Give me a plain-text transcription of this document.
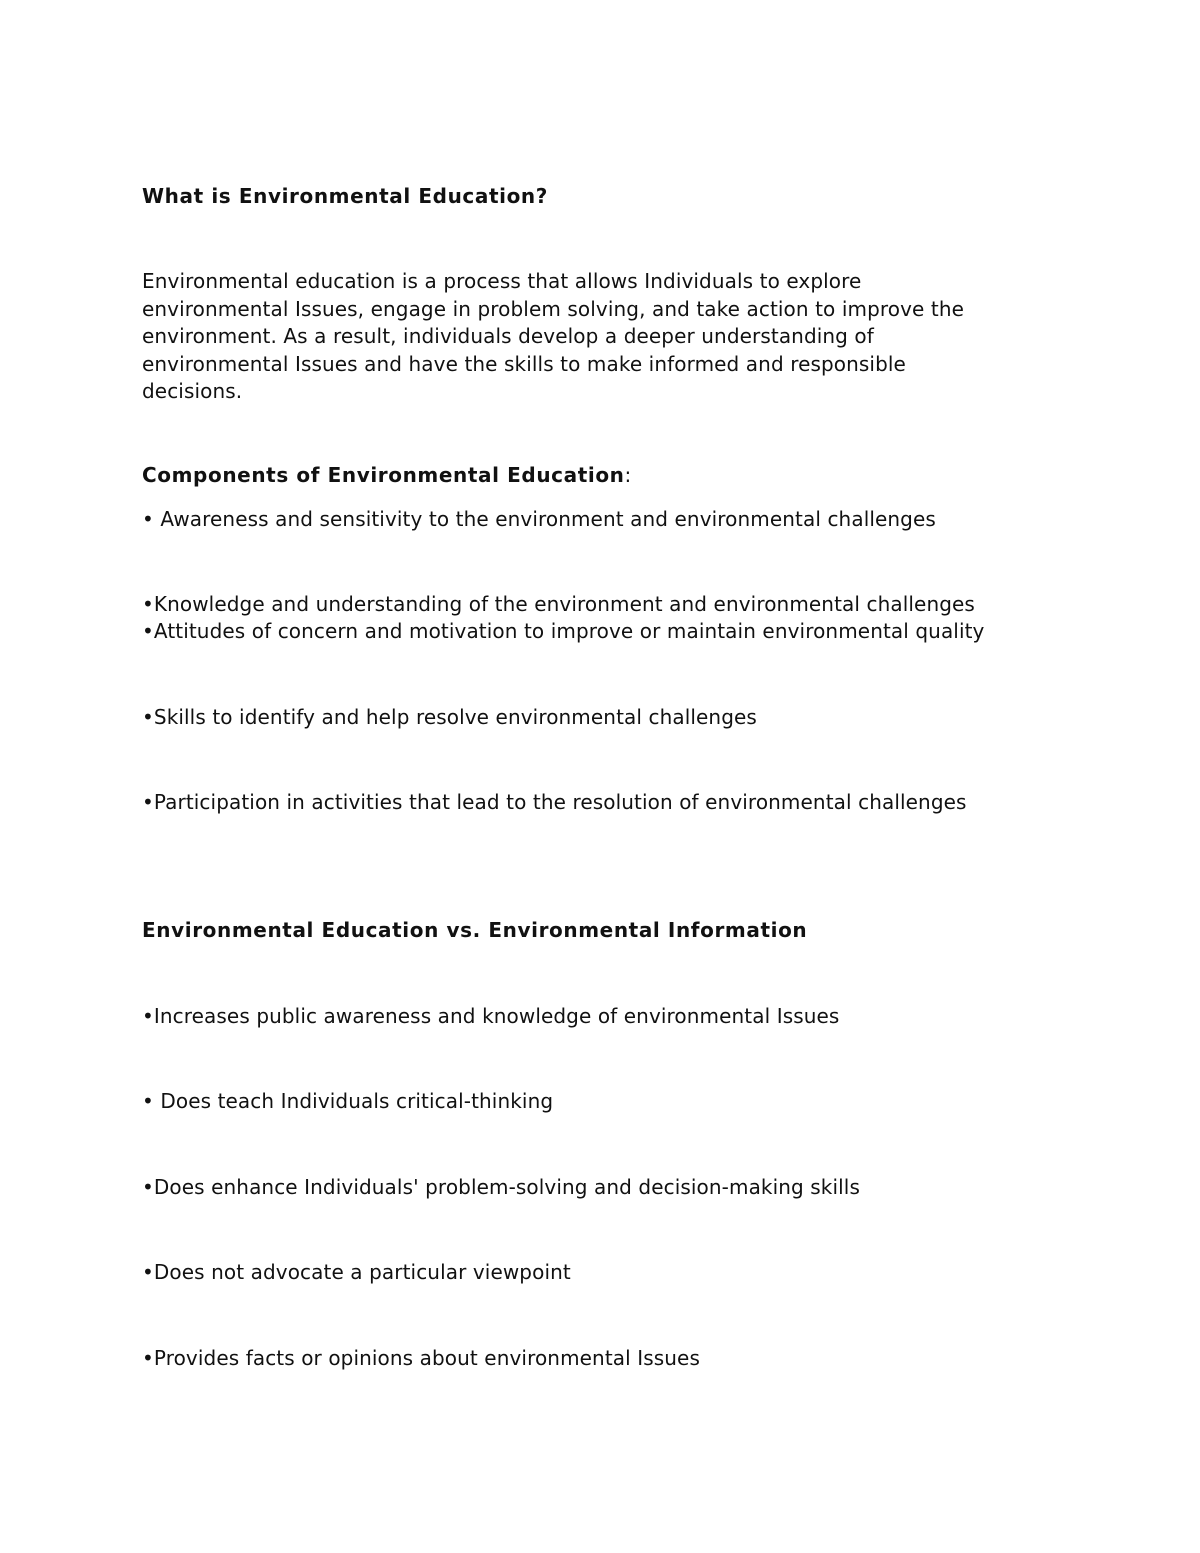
What is Environmental Education?
Environmental education is a process that allows Individuals to explore
environmental Issues, engage in problem solving, and take action to improve the
environment. As a result, individuals develop a deeper understanding of
environmental Issues and have the skills to make informed and responsible
decisions.
Components of Environmental Education:
• Awareness and sensitivity to the environment and environmental challenges
•Knowledge and understanding of the environment and environmental challenges
•Attitudes of concern and motivation to improve or maintain environmental quality
•Skills to identify and help resolve environmental challenges
•Participation in activities that lead to the resolution of environmental challenges
Environmental Education vs. Environmental Information
•Increases public awareness and knowledge of environmental Issues
• Does teach Individuals critical-thinking
•Does enhance Individuals' problem-solving and decision-making skills
•Does not advocate a particular viewpoint
•Provides facts or opinions about environmental Issues
